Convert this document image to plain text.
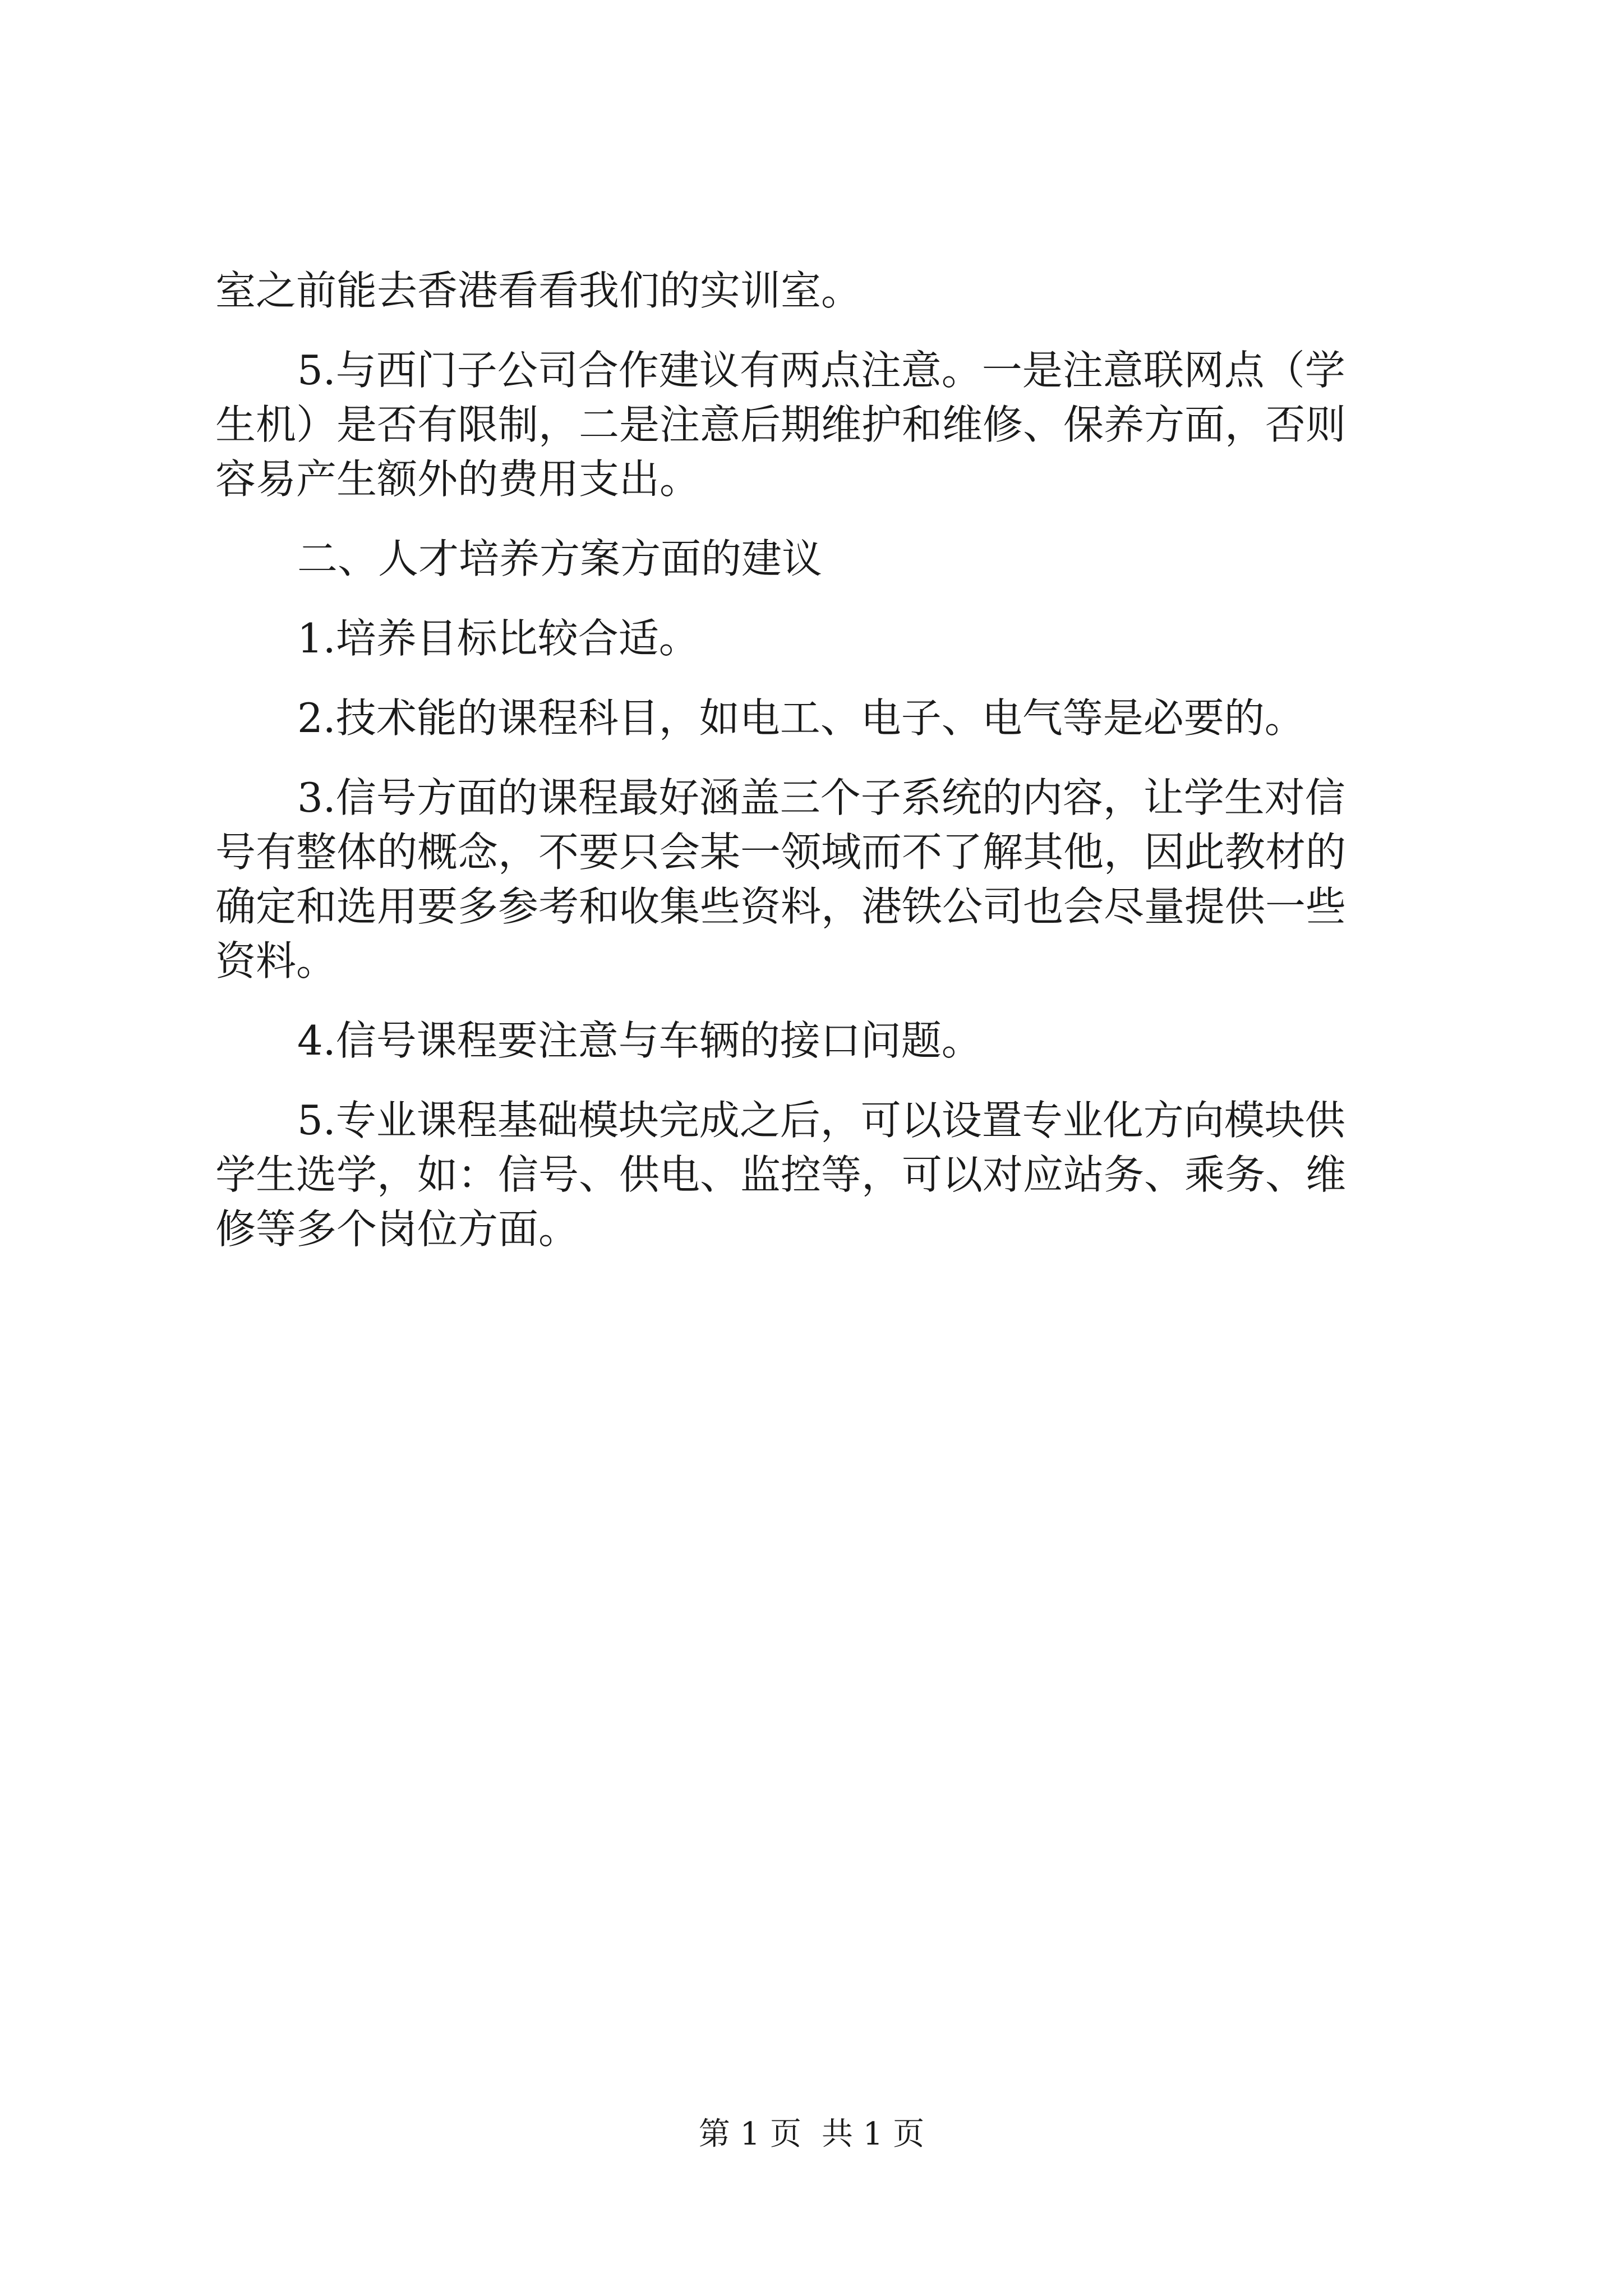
室之前能去香港看看我们的实训室。
5.与西门子公司合作建议有两点注意。一是注意联网点（学
生机）是否有限制，二是注意后期维护和维修、保养方面，否则
容易产生额外的费用支出。
二、人才培养方案方面的建议
1.培养目标比较合适。
2.技术能的课程科目，如电工、电子、电气等是必要的。
3.信号方面的课程最好涵盖三个子系统的内容，让学生对信
号有整体的概念，不要只会某一领域而不了解其他，因此教材的
确定和选用要多参考和收集些资料，港铁公司也会尽量提供一些
资料。
4.信号课程要注意与车辆的接口问题。
5.专业课程基础模块完成之后，可以设置专业化方向模块供
学生选学，如：信号、供电、监控等，可以对应站务、乘务、维
修等多个岗位方面。
第 1 页 共 1 页
